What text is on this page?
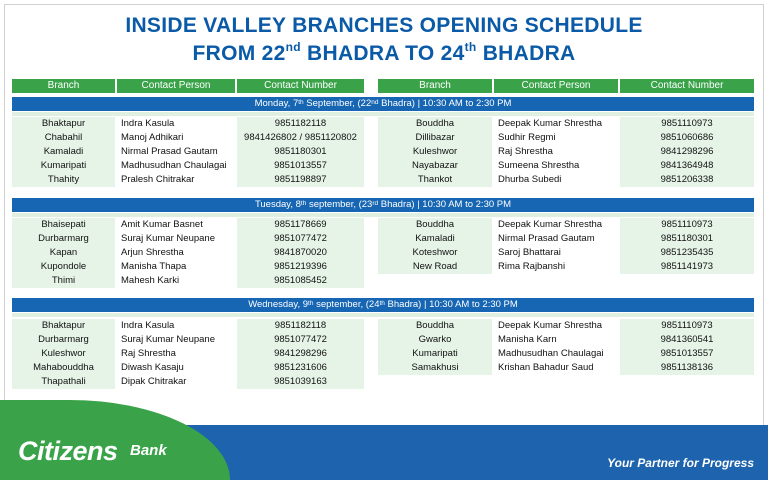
INSIDE VALLEY BRANCHES OPENING SCHEDULE
FROM 22nd BHADRA TO 24th BHADRA
Branch	Contact Person	Contact Number	Branch	Contact Person	Contact Number
Monday, 7th September, (22nd Bhadra) | 10:30 AM to 2:30 PM
Bhaktapur	Indra Kasula	9851182118
Chabahil	Manoj Adhikari	9841426802 / 9851120802
Kamaladi	Nirmal Prasad Gautam	9851180301
Kumaripati	Madhusudhan Chaulagai	9851013557
Thahity	Pralesh Chitrakar	9851198897
Bouddha	Deepak Kumar Shrestha	9851110973
Dillibazar	Sudhir Regmi	9851060686
Kuleshwor	Raj Shrestha	9841298296
Nayabazar	Sumeena Shrestha	9841364948
Thankot	Dhurba Subedi	9851206338
Tuesday, 8th september, (23rd Bhadra) | 10:30 AM to 2:30 PM
Bhaisepati	Amit Kumar Basnet	9851178669
Durbarmarg	Suraj Kumar Neupane	9851077472
Kapan	Arjun Shrestha	9841870020
Kupondole	Manisha Thapa	9851219396
Thimi	Mahesh Karki	9851085452
Bouddha	Deepak Kumar Shrestha	9851110973
Kamaladi	Nirmal Prasad Gautam	9851180301
Koteshwor	Saroj Bhattarai	9851235435
New Road	Rima Rajbanshi	9851141973
Wednesday, 9th september, (24th Bhadra) | 10:30 AM to 2:30 PM
Bhaktapur	Indra Kasula	9851182118
Durbarmarg	Suraj Kumar Neupane	9851077472
Kuleshwor	Raj Shrestha	9841298296
Mahabouddha	Diwash Kasaju	9851231606
Thapathali	Dipak Chitrakar	9851039163
Bouddha	Deepak Kumar Shrestha	9851110973
Gwarko	Manisha Karn	9841360541
Kumaripati	Madhusudhan Chaulagai	9851013557
Samakhusi	Krishan Bahadur Saud	9851138136
Citizens Bank
Your Partner for Progress
